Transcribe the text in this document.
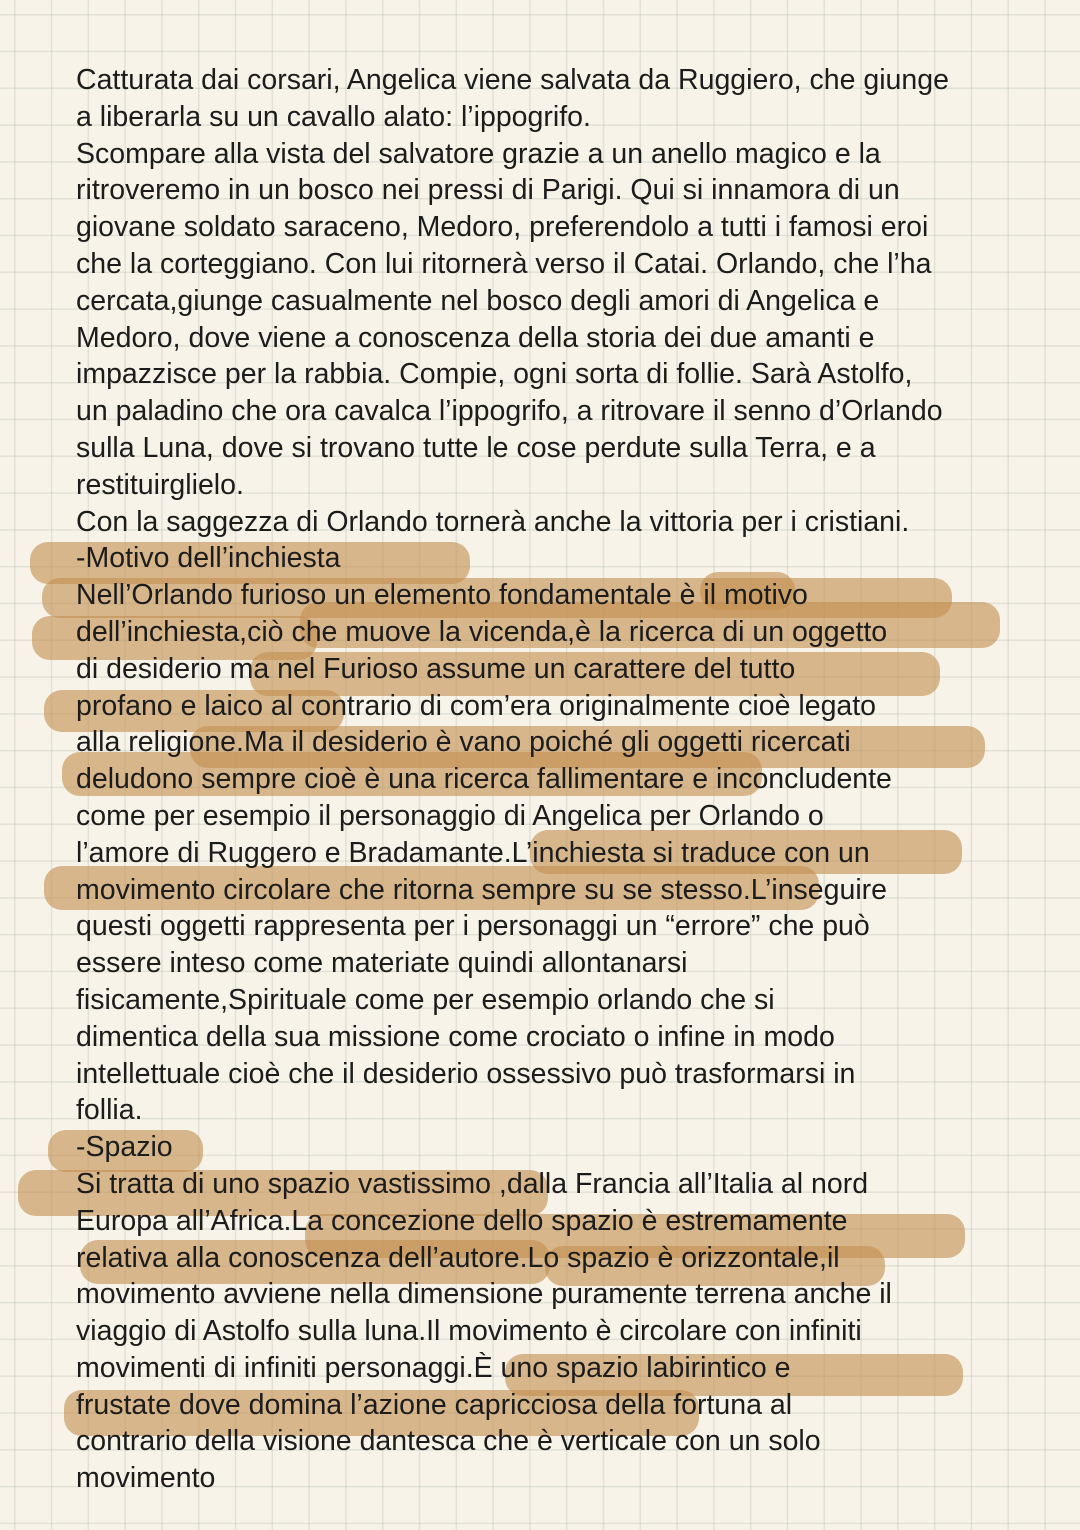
Catturata dai corsari, Angelica viene salvata da Ruggiero, che giunge
a liberarla su un cavallo alato: l’ippogrifo.
Scompare alla vista del salvatore grazie a un anello magico e la
ritroveremo in un bosco nei pressi di Parigi. Qui si innamora di un
giovane soldato saraceno, Medoro, preferendolo a tutti i famosi eroi
che la corteggiano. Con lui ritornerà verso il Catai. Orlando, che l’ha
cercata,giunge casualmente nel bosco degli amori di Angelica e
Medoro, dove viene a conoscenza della storia dei due amanti e
impazzisce per la rabbia. Compie, ogni sorta di follie. Sarà Astolfo,
un paladino che ora cavalca l’ippogrifo, a ritrovare il senno d’Orlando
sulla Luna, dove si trovano tutte le cose perdute sulla Terra, e a
restituirglielo.
Con la saggezza di Orlando tornerà anche la vittoria per i cristiani.
-Motivo dell’inchiesta
Nell’Orlando furioso un elemento fondamentale è il motivo
dell’inchiesta,ciò che muove la vicenda,è la ricerca di un oggetto
di desiderio ma nel Furioso assume un carattere del tutto
profano e laico al contrario di com’era originalmente cioè legato
alla religione.Ma il desiderio è vano poiché gli oggetti ricercati
deludono sempre cioè è una ricerca fallimentare e inconcludente
come per esempio il personaggio di Angelica per Orlando o
l’amore di Ruggero e Bradamante.L’inchiesta si traduce con un
movimento circolare che ritorna sempre su se stesso.L’inseguire
questi oggetti rappresenta per i personaggi un “errore” che può
essere inteso come materiate quindi allontanarsi
fisicamente,Spirituale come per esempio orlando che si
dimentica della sua missione come crociato o infine in modo
intellettuale cioè che il desiderio ossessivo può trasformarsi in
follia.
-Spazio
Si tratta di uno spazio vastissimo ,dalla Francia all’Italia al nord
Europa all’Africa.La concezione dello spazio è estremamente
relativa alla conoscenza dell’autore.Lo spazio è orizzontale,il
movimento avviene nella dimensione puramente terrena anche il
viaggio di Astolfo sulla luna.Il movimento è circolare con infiniti
movimenti di infiniti personaggi.È uno spazio labirintico e
frustate dove domina l’azione capricciosa della fortuna al
contrario della visione dantesca che è verticale con un solo
movimento
